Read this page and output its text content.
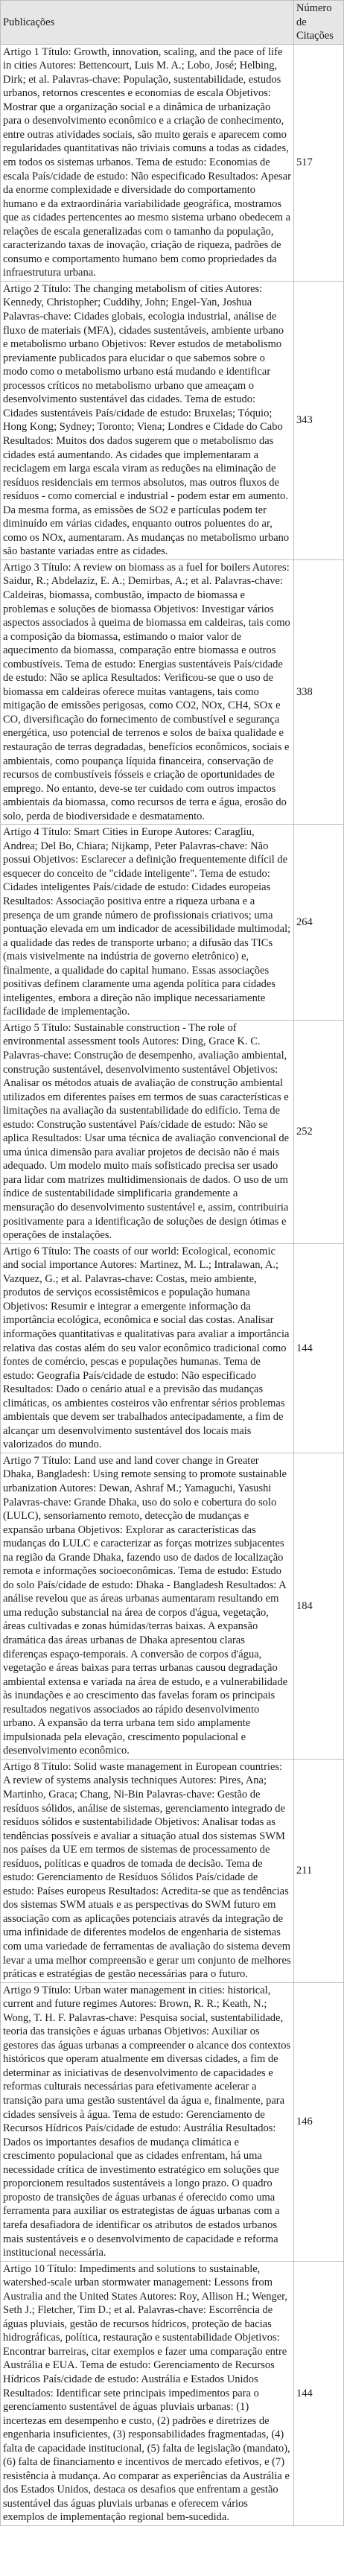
Publicações	Número de Citações
Artigo 1 Título: Growth, innovation, scaling, and the pace of life in cities Autores: Bettencourt, Luis M. A.; Lobo, José; Helbing, Dirk; et al. Palavras-chave: População, sustentabilidade, estudos urbanos, retornos crescentes e economias de escala Objetivos: Mostrar que a organização social e a dinâmica de urbanização para o desenvolvimento econômico e a criação de conhecimento, entre outras atividades sociais, são muito gerais e aparecem como regularidades quantitativas não triviais comuns a todas as cidades, em todos os sistemas urbanos. Tema de estudo: Economias de escala País/cidade de estudo: Não especificado Resultados: Apesar da enorme complexidade e diversidade do comportamento humano e da extraordinária variabilidade geográfica, mostramos que as cidades pertencentes ao mesmo sistema urbano obedecem a relações de escala generalizadas com o tamanho da população, caracterizando taxas de inovação, criação de riqueza, padrões de consumo e comportamento humano bem como propriedades da infraestrutura urbana.	517
Artigo 2 Título: The changing metabolism of cities Autores: Kennedy, Christopher; Cuddihy, John; Engel-Yan, Joshua Palavras-chave: Cidades globais, ecologia industrial, análise de fluxo de materiais (MFA), cidades sustentáveis, ambiente urbano e metabolismo urbano Objetivos: Rever estudos de metabolismo previamente publicados para elucidar o que sabemos sobre o modo como o metabolismo urbano está mudando e identificar processos críticos no metabolismo urbano que ameaçam o desenvolvimento sustentável das cidades. Tema de estudo: Cidades sustentáveis País/cidade de estudo: Bruxelas; Tóquio; Hong Kong; Sydney; Toronto; Viena; Londres e Cidade do Cabo Resultados: Muitos dos dados sugerem que o metabolismo das cidades está aumentando. As cidades que implementaram a reciclagem em larga escala viram as reduções na eliminação de resíduos residenciais em termos absolutos, mas outros fluxos de resíduos - como comercial e industrial - podem estar em aumento. Da mesma forma, as emissões de SO2 e partículas podem ter diminuído em várias cidades, enquanto outros poluentes do ar, como os NOx, aumentaram. As mudanças no metabolismo urbano são bastante variadas entre as cidades.	343
Artigo 3 Título: A review on biomass as a fuel for boilers Autores: Saidur, R.; Abdelaziz, E. A.; Demirbas, A.; et al. Palavras-chave: Caldeiras, biomassa, combustão, impacto de biomassa e problemas e soluções de biomassa Objetivos: Investigar vários aspectos associados à queima de biomassa em caldeiras, tais como a composição da biomassa, estimando o maior valor de aquecimento da biomassa, comparação entre biomassa e outros combustíveis. Tema de estudo: Energias sustentáveis País/cidade de estudo: Não se aplica Resultados: Verificou-se que o uso de biomassa em caldeiras oferece muitas vantagens, tais como mitigação de emissões perigosas, como CO2, NOx, CH4, SOx e CO, diversificação do fornecimento de combustível e segurança energética, uso potencial de terrenos e solos de baixa qualidade e restauração de terras degradadas, benefícios econômicos, sociais e ambientais, como poupança líquida financeira, conservação de recursos de combustíveis fósseis e criação de oportunidades de emprego. No entanto, deve-se ter cuidado com outros impactos ambientais da biomassa, como recursos de terra e água, erosão do solo, perda de biodiversidade e desmatamento.	338
Artigo 4 Título: Smart Cities in Europe Autores: Caragliu, Andrea; Del Bo, Chiara; Nijkamp, Peter Palavras-chave: Não possui Objetivos: Esclarecer a definição frequentemente difícil de esquecer do conceito de "cidade inteligente". Tema de estudo: Cidades inteligentes País/cidade de estudo: Cidades europeias Resultados: Associação positiva entre a riqueza urbana e a presença de um grande número de profissionais criativos; uma pontuação elevada em um indicador de acessibilidade multimodal; a qualidade das redes de transporte urbano; a difusão das TICs (mais visivelmente na indústria de governo eletrônico) e, finalmente, a qualidade do capital humano. Essas associações positivas definem claramente uma agenda política para cidades inteligentes, embora a direção não implique necessariamente facilidade de implementação.	264
Artigo 5 Título: Sustainable construction - The role of environmental assessment tools Autores: Ding, Grace K. C. Palavras-chave: Construção de desempenho, avaliação ambiental, construção sustentável, desenvolvimento sustentável Objetivos: Analisar os métodos atuais de avaliação de construção ambiental utilizados em diferentes países em termos de suas características e limitações na avaliação da sustentabilidade do edifício. Tema de estudo: Construção sustentável País/cidade de estudo: Não se aplica Resultados: Usar uma técnica de avaliação convencional de uma única dimensão para avaliar projetos de decisão não é mais adequado. Um modelo muito mais sofisticado precisa ser usado para lidar com matrizes multidimensionais de dados. O uso de um índice de sustentabilidade simplificaria grandemente a mensuração do desenvolvimento sustentável e, assim, contribuiria positivamente para a identificação de soluções de design ótimas e operações de instalações.	252
Artigo 6 Título: The coasts of our world: Ecological, economic and social importance Autores: Martinez, M. L.; Intralawan, A.; Vazquez, G.; et al. Palavras-chave: Costas, meio ambiente, produtos de serviços ecossistêmicos e população humana Objetivos: Resumir e integrar a emergente informação da importância ecológica, econômica e social das costas. Analisar informações quantitativas e qualitativas para avaliar a importância relativa das costas além do seu valor econômico tradicional como fontes de comércio, pescas e populações humanas. Tema de estudo: Geografia País/cidade de estudo: Não especificado Resultados: Dado o cenário atual e a previsão das mudanças climáticas, os ambientes costeiros vão enfrentar sérios problemas ambientais que devem ser trabalhados antecipadamente, a fim de alcançar um desenvolvimento sustentável dos locais mais valorizados do mundo.	144
Artigo 7 Título: Land use and land cover change in Greater Dhaka, Bangladesh: Using remote sensing to promote sustainable urbanization Autores: Dewan, Ashraf M.; Yamaguchi, Yasushi Palavras-chave: Grande Dhaka, uso do solo e cobertura do solo (LULC), sensoriamento remoto, detecção de mudanças e expansão urbana Objetivos: Explorar as características das mudanças do LULC e caracterizar as forças motrizes subjacentes na região da Grande Dhaka, fazendo uso de dados de localização remota e informações socioeconômicas. Tema de estudo: Estudo do solo País/cidade de estudo: Dhaka - Bangladesh Resultados: A análise revelou que as áreas urbanas aumentaram resultando em uma redução substancial na área de corpos d'água, vegetação, áreas cultivadas e zonas húmidas/terras baixas. A expansão dramática das áreas urbanas de Dhaka apresentou claras diferenças espaço-temporais. A conversão de corpos d'água, vegetação e áreas baixas para terras urbanas causou degradação ambiental extensa e variada na área de estudo, e a vulnerabilidade às inundações e ao crescimento das favelas foram os principais resultados negativos associados ao rápido desenvolvimento urbano. A expansão da terra urbana tem sido amplamente impulsionada pela elevação, crescimento populacional e desenvolvimento econômico.	184
Artigo 8 Título: Solid waste management in European countries: A review of systems analysis techniques Autores: Pires, Ana; Martinho, Graca; Chang, Ni-Bin Palavras-chave: Gestão de resíduos sólidos, análise de sistemas, gerenciamento integrado de resíduos sólidos e sustentabilidade Objetivos: Analisar todas as tendências possíveis e avaliar a situação atual dos sistemas SWM nos países da UE em termos de sistemas de processamento de resíduos, políticas e quadros de tomada de decisão. Tema de estudo: Gerenciamento de Resíduos Sólidos País/cidade de estudo: Países europeus Resultados: Acredita-se que as tendências dos sistemas SWM atuais e as perspectivas do SWM futuro em associação com as aplicações potenciais através da integração de uma infinidade de diferentes modelos de engenharia de sistemas com uma variedade de ferramentas de avaliação do sistema devem levar a uma melhor compreensão e gerar um conjunto de melhores práticas e estratégias de gestão necessárias para o futuro.	211
Artigo 9 Título: Urban water management in cities: historical, current and future regimes Autores: Brown, R. R.; Keath, N.; Wong, T. H. F. Palavras-chave: Pesquisa social, sustentabilidade, teoria das transições e águas urbanas Objetivos: Auxiliar os gestores das águas urbanas a compreender o alcance dos contextos históricos que operam atualmente em diversas cidades, a fim de determinar as iniciativas de desenvolvimento de capacidades e reformas culturais necessárias para efetivamente acelerar a transição para uma gestão sustentável da água e, finalmente, para cidades sensíveis à água. Tema de estudo: Gerenciamento de Recursos Hídricos País/cidade de estudo: Austrália Resultados: Dados os importantes desafios de mudança climática e crescimento populacional que as cidades enfrentam, há uma necessidade crítica de investimento estratégico em soluções que proporcionem resultados sustentáveis a longo prazo. O quadro proposto de transições de águas urbanas é oferecido como uma ferramenta para auxiliar os estrategistas de águas urbanas com a tarefa desafiadora de identificar os atributos de estados urbanos mais sustentáveis e o desenvolvimento de capacidade e reforma institucional necessária.	146
Artigo 10 Título: Impediments and solutions to sustainable, watershed-scale urban stormwater management: Lessons from Australia and the United States Autores: Roy, Allison H.; Wenger, Seth J.; Fletcher, Tim D.; et al. Palavras-chave: Escorrência de águas pluviais, gestão de recursos hídricos, proteção de bacias hidrográficas, política, restauração e sustentabilidade Objetivos: Encontrar barreiras, citar exemplos e fazer uma comparação entre Austrália e EUA. Tema de estudo: Gerenciamento de Recursos Hídricos País/cidade de estudo: Austrália e Estados Unidos Resultados: Identificar sete principais impedimentos para o gerenciamento sustentável de águas pluviais urbanas: (1) incertezas em desempenho e custo, (2) padrões e diretrizes de engenharia insuficientes, (3) responsabilidades fragmentadas, (4) falta de capacidade institucional, (5) falta de legislação (mandato), (6) falta de financiamento e incentivos de mercado efetivos, e (7) resistência à mudança. Ao comparar as experiências da Austrália e dos Estados Unidos, destaca os desafios que enfrentam a gestão sustentável das águas pluviais urbanas e oferecem vários exemplos de implementação regional bem-sucedida.	144
